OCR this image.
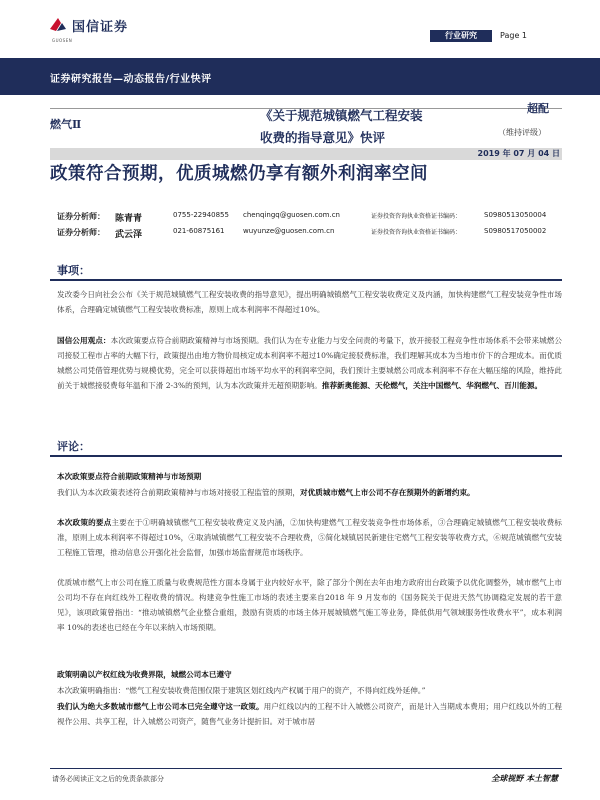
国信证券
GUOSEN
行业研究	Page 1
证券研究报告—动态报告/行业快评
燃气Ⅱ
《关于规范城镇燃气工程安装
收费的指导意见》快评
超配
（维持评级）
2019 年 07 月 04 日
政策符合预期，优质城燃仍享有额外利润率空间
证券分析师：	陈青青	0755-22940855	chenqingq@guosen.com.cn	证券投资咨询执业资格证书编码：	S0980513050004
证券分析师：	武云泽	021-60875161	wuyunze@guosen.com.cn	证券投资咨询执业资格证书编码：	S0980517050002
事项：
发改委今日向社会公布《关于规范城镇燃气工程安装收费的指导意见》，提出明确城镇燃气工程安装收费定义及内涵，加快构建燃气工程安装竞争性市场体系，合理确定城镇燃气工程安装收费标准，原则上成本利润率不得超过10%。
国信公用观点：本次政策要点符合前期政策精神与市场预期。我们认为在专业能力与安全问责的考量下，放开接驳工程竞争性市场体系不会带来城燃公司接驳工程市占率的大幅下行，政策提出由地方物价局核定成本利润率不超过10%确定接驳费标准，我们理解其成本为当地市价下的合理成本。而优质城燃公司凭借管理优势与规模优势，完全可以获得超出市场平均水平的利润率空间，我们预计主要城燃公司成本利润率不存在大幅压缩的风险，维持此前关于城燃接驳费每年温和下滑 2-3%的预判，认为本次政策并无超预期影响。推荐新奥能源、天伦燃气，关注中国燃气、华润燃气、百川能源。
评论：
本次政策要点符合前期政策精神与市场预期
我们认为本次政策表述符合前期政策精神与市场对接驳工程监管的预期，对优质城市燃气上市公司不存在预期外的新增约束。
本次政策的要点主要在于①明确城镇燃气工程安装收费定义及内涵，②加快构建燃气工程安装竞争性市场体系，③合理确定城镇燃气工程安装收费标准，原则上成本利润率不得超过10%，④取消城镇燃气工程安装不合理收费，⑤简化城镇居民新建住宅燃气工程安装等收费方式，⑥规范城镇燃气安装工程施工管理，推动信息公开强化社会监督，加强市场监督规范市场秩序。
优质城市燃气上市公司在施工质量与收费规范性方面本身属于业内较好水平，除了部分个例在去年由地方政府出台政策予以优化调整外，城市燃气上市公司均不存在向红线外工程收费的情况。构建竞争性施工市场的表述主要来自2018 年 9 月发布的《国务院关于促进天然气协调稳定发展的若干意见》，该项政策曾指出：“推动城镇燃气企业整合重组，鼓励有资质的市场主体开展城镇燃气施工等业务，降低供用气领域服务性收费水平”，成本利润率 10%的表述也已经在今年以来纳入市场预期。
政策明确以产权红线为收费界限，城燃公司本已遵守
本次政策明确指出：“燃气工程安装收费范围仅限于建筑区划红线内产权属于用户的资产，不得向红线外延伸。”
我们认为绝大多数城市燃气上市公司本已完全遵守这一政策。用户红线以内的工程不计入城燃公司资产，而是计入当期成本费用；用户红线以外的工程视作公用、共享工程，计入城燃公司资产，随售气业务计提折旧。对于城市居
请务必阅读正文之后的免责条款部分	全球视野 本土智慧
